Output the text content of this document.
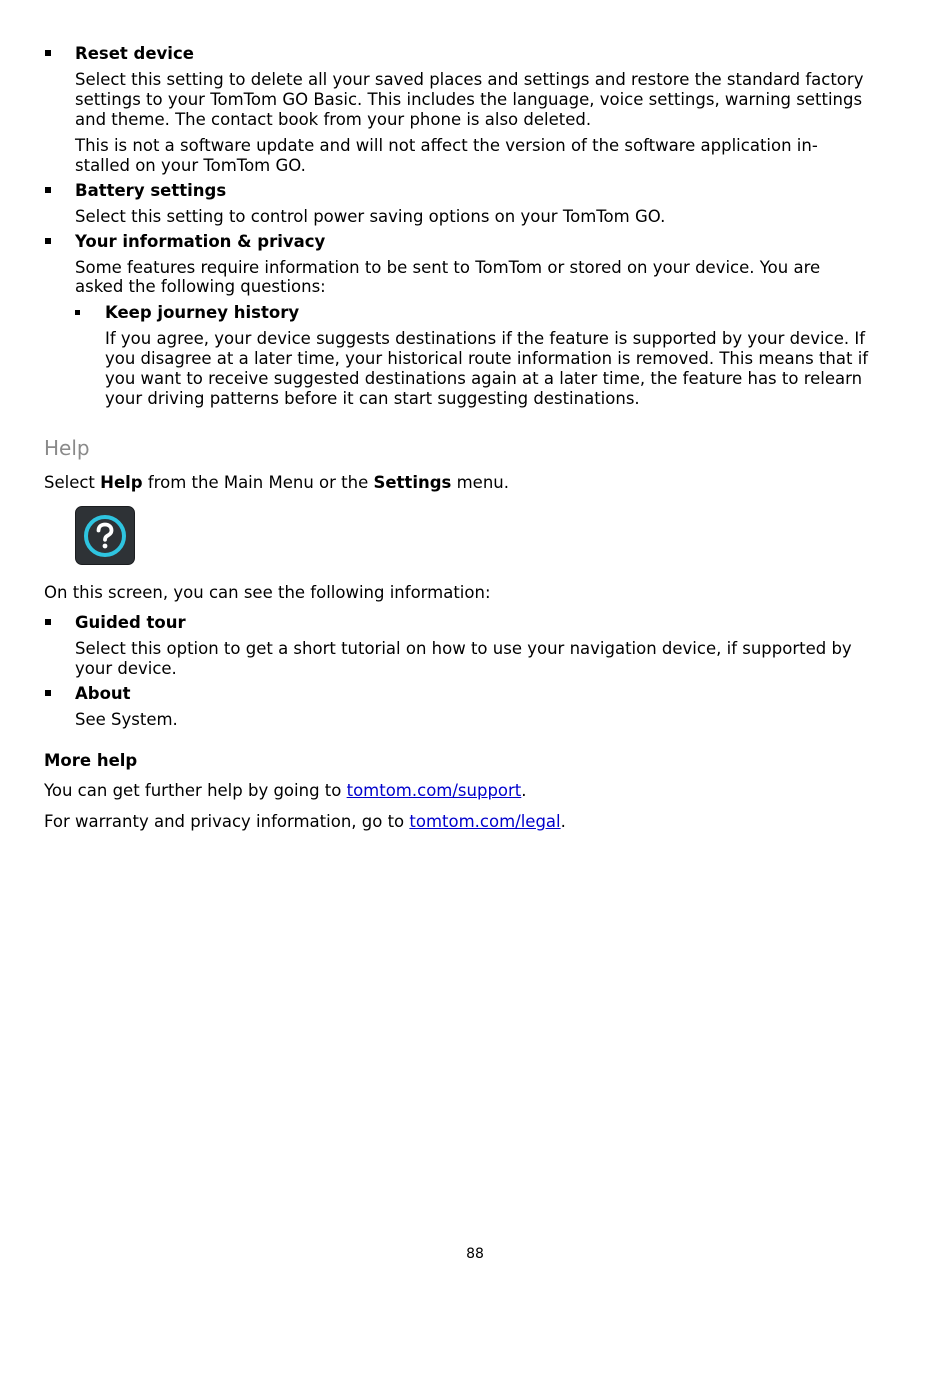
Reset device
Select this setting to delete all your saved places and settings and restore the standard factory
settings to your TomTom GO Basic. This includes the language, voice settings, warning settings
and theme. The contact book from your phone is also deleted.
This is not a software update and will not affect the version of the software application in-
stalled on your TomTom GO.
Battery settings
Select this setting to control power saving options on your TomTom GO.
Your information & privacy
Some features require information to be sent to TomTom or stored on your device. You are
asked the following questions:
Keep journey history
If you agree, your device suggests destinations if the feature is supported by your device. If
you disagree at a later time, your historical route information is removed. This means that if
you want to receive suggested destinations again at a later time, the feature has to relearn
your driving patterns before it can start suggesting destinations.
Help
Select Help from the Main Menu or the Settings menu.
On this screen, you can see the following information:
Guided tour
Select this option to get a short tutorial on how to use your navigation device, if supported by
your device.
About
See System.
More help
You can get further help by going to tomtom.com/support.
For warranty and privacy information, go to tomtom.com/legal.
88
